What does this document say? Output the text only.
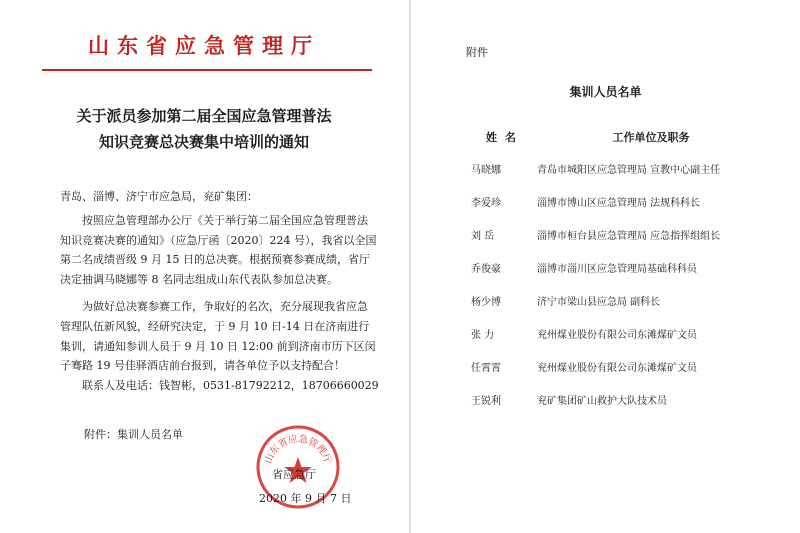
山东省应急管理厅
关于派员参加第二届全国应急管理普法
知识竞赛总决赛集中培训的通知
青岛、淄博、济宁市应急局，兖矿集团：
按照应急管理部办公厅《关于举行第二届全国应急管理普法
知识竞赛决赛的通知》（应急厅函〔2020〕224 号），我省以全国
第二名成绩晋级 9 月 15 日的总决赛。根据预赛参赛成绩，省厅
决定抽调马晓娜等 8 名同志组成山东代表队参加总决赛。
为做好总决赛参赛工作，争取好的名次，充分展现我省应急
管理队伍新风貌，经研究决定，于 9 月 10 日-14 日在济南进行
集训，请通知参训人员于 9 月 10 日 12:00 前到济南市历下区闵
子骞路 19 号佳驿酒店前台报到，请各单位予以支持配合！
联系人及电话：钱智彬，0531-81792212，18706660029
附件：集训人员名单
山东省应急管理厅
省应急厅
2020 年 9 月 7 日
附件
集训人员名单
姓名	工作单位及职务
马晓娜	青岛市城阳区应急管理局 宣教中心副主任
李爱珍	淄博市博山区应急管理局 法规科科长
刘 岳	淄博市桓台县应急管理局 应急指挥组组长
乔俊豪	淄博市淄川区应急管理局基础科科员
杨少博	济宁市梁山县应急局 副科长
张 力	兖州煤业股份有限公司东滩煤矿文员
任霄霄	兖州煤业股份有限公司东滩煤矿文员
王锐利	兖矿集团矿山救护大队技术员
